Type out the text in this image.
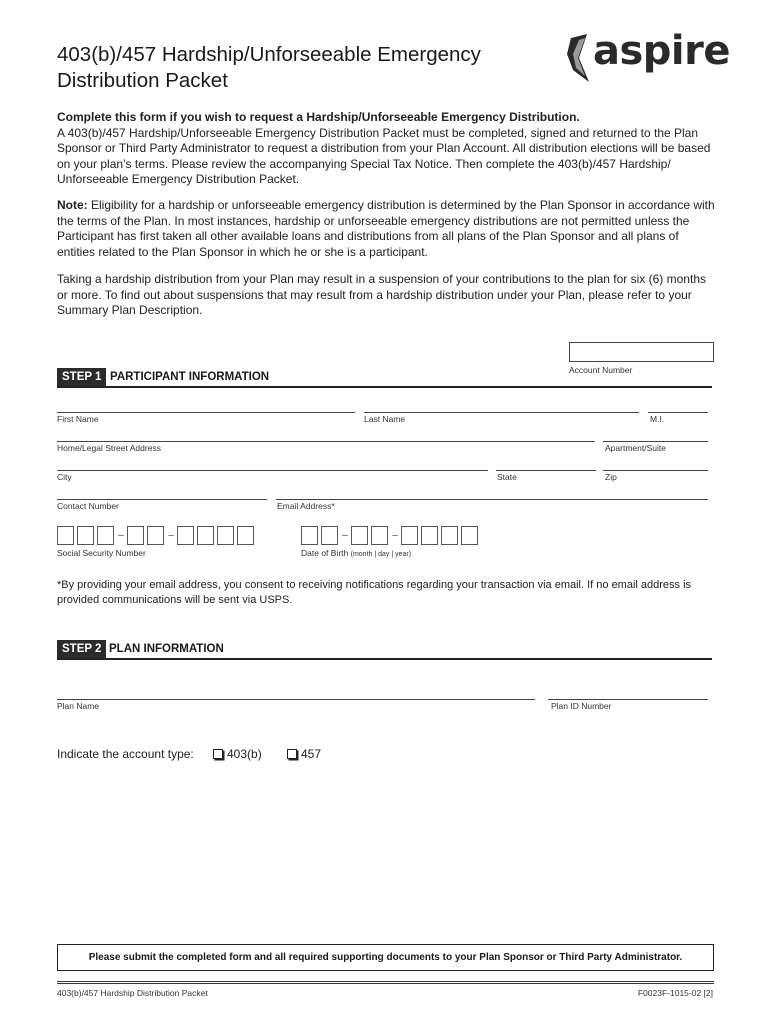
403(b)/457 Hardship/Unforseeable Emergency
Distribution Packet
aspire
Complete this form if you wish to request a Hardship/Unforseeable Emergency Distribution.
A 403(b)/457 Hardship/Unforseeable Emergency Distribution Packet must be completed, signed and returned to the Plan Sponsor or Third Party Administrator to request a distribution from your Plan Account. All distribution elections will be based on your plan’s terms. Please review the accompanying Special Tax Notice. Then complete the 403(b)/457 Hardship/ Unforseeable Emergency Distribution Packet.
Note: Eligibility for a hardship or unforseeable emergency distribution is determined by the Plan Sponsor in accordance with the terms of the Plan. In most instances, hardship or unforseeable emergency distributions are not permitted unless the Participant has first taken all other available loans and distributions from all plans of the Plan Sponsor and all plans of entities related to the Plan Sponsor in which he or she is a participant.
Taking a hardship distribution from your Plan may result in a suspension of your contributions to the plan for six (6) months or more. To find out about suspensions that may result from a hardship distribution under your Plan, please refer to your Summary Plan Description.
Account Number
STEP 1 PARTICIPANT INFORMATION
First Name	Last Name	M.I.
Home/Legal Street Address	Apartment/Suite
City	State	Zip
Contact Number	Email Address*
–	–
Social Security Number
–	–
Date of Birth (month | day | year)
*By providing your email address, you consent to receiving notifications regarding your transaction via email. If no email address is provided communications will be sent via USPS.
STEP 2 PLAN INFORMATION
Plan Name	Plan ID Number
Indicate the account type:	403(b)	457
Please submit the completed form and all required supporting documents to your Plan Sponsor or Third Party Administrator.
403(b)/457 Hardship Distribution Packet	F0023F-1015-02 [2]
